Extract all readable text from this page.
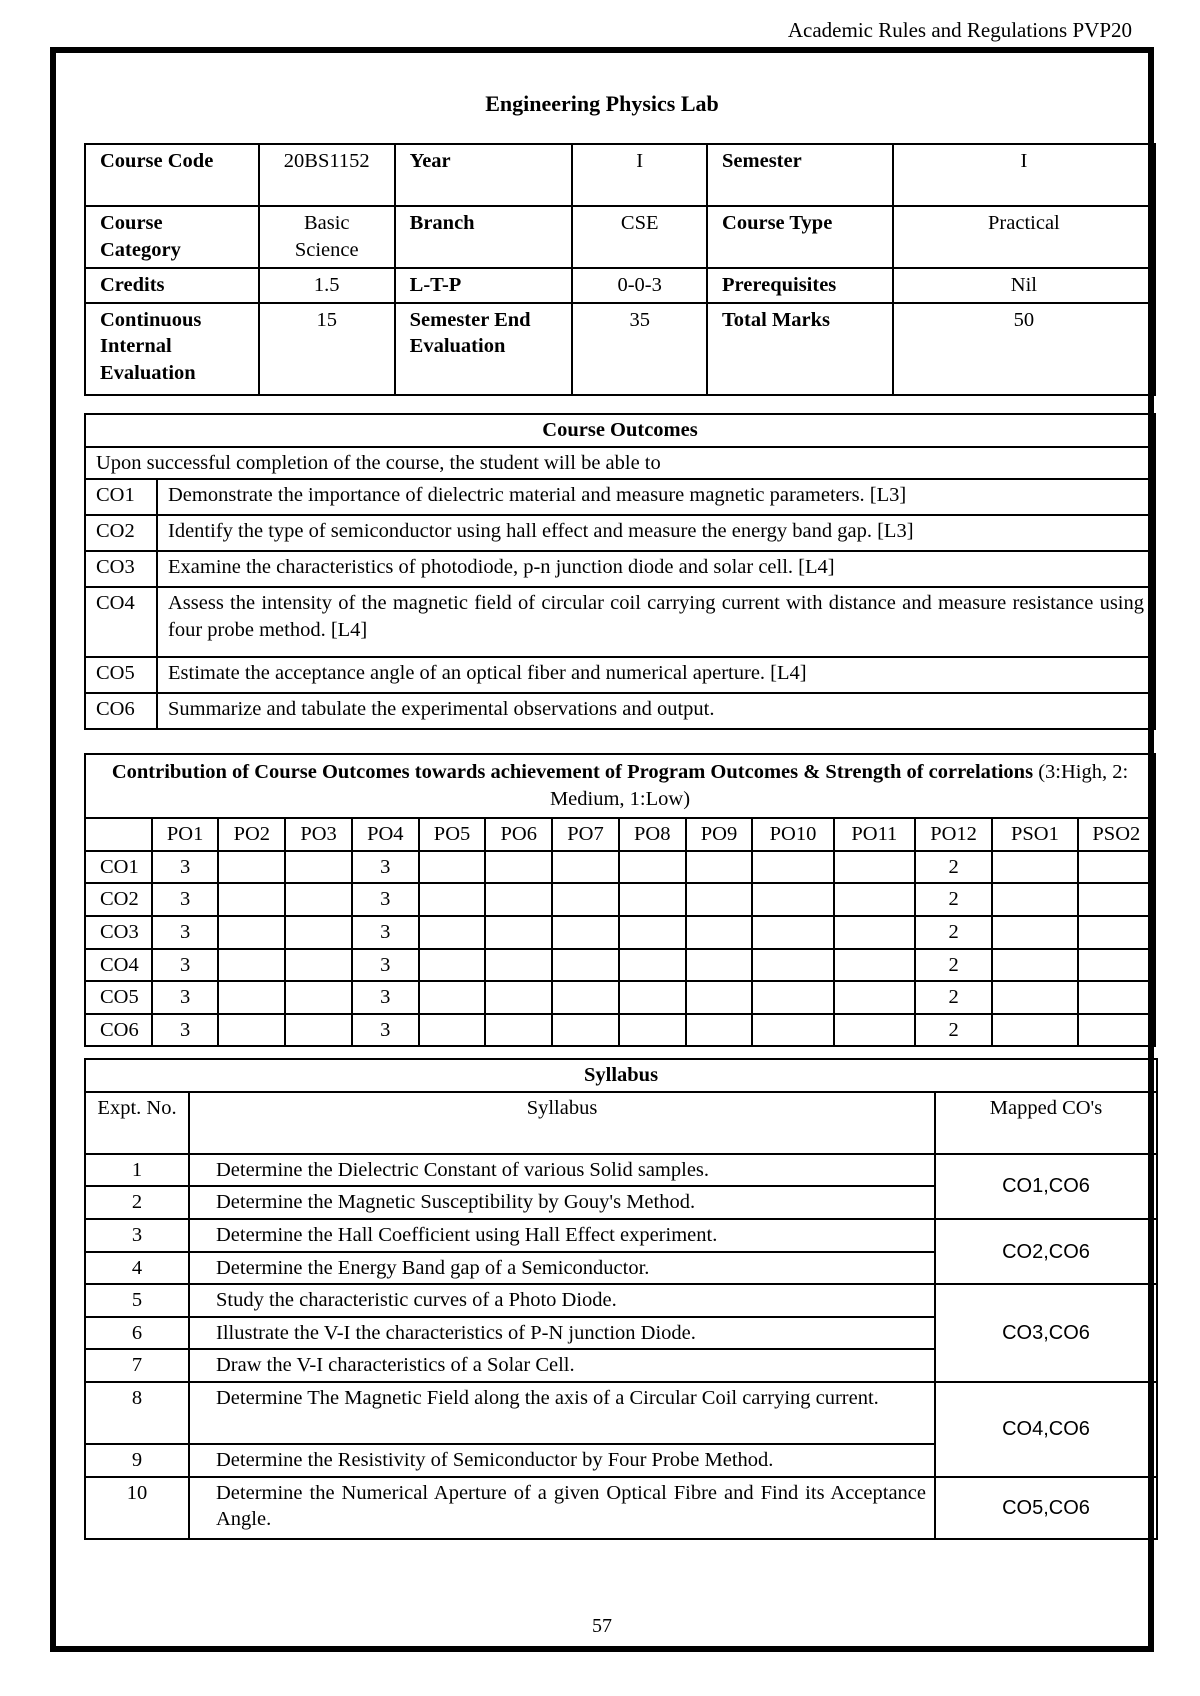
Academic Rules and Regulations PVP20
Engineering Physics Lab
Course Code	20BS1152	Year	I	Semester	I
Course Category	Basic Science	Branch	CSE	Course Type	Practical
Credits	1.5	L-T-P	0-0-3	Prerequisites	Nil
Continuous Internal Evaluation	15	Semester End Evaluation	35	Total Marks	50
Course Outcomes	
Upon successful completion of the course, the student will be able to	
CO1	Demonstrate the importance of dielectric material and measure magnetic parameters. [L3]
CO2	Identify the type of semiconductor using hall effect and measure the energy band gap. [L3]
CO3	Examine the characteristics of photodiode, p-n junction diode and solar cell. [L4]
CO4	Assess the intensity of the magnetic field of circular coil carrying current with distance and measure resistance using four probe method. [L4]
CO5	Estimate the acceptance angle of an optical fiber and numerical aperture. [L4]
CO6	Summarize and tabulate the experimental observations and output.
Contribution of Course Outcomes towards achievement of Program Outcomes & Strength of correlations (3:High, 2: Medium, 1:Low)														
	PO1	PO2	PO3	PO4	PO5	PO6	PO7	PO8	PO9	PO10	PO11	PO12	PSO1	PSO2
CO1	3			3								2		
CO2	3			3								2		
CO3	3			3								2		
CO4	3			3								2		
CO5	3			3								2		
CO6	3			3								2		
Syllabus		
Expt. No.	Syllabus	Mapped CO's
1	Determine the Dielectric Constant of various Solid samples.	CO1,CO6
2	Determine the Magnetic Susceptibility by Gouy's Method.	
3	Determine the Hall Coefficient using Hall Effect experiment.	CO2,CO6
4	Determine the Energy Band gap of a Semiconductor.	
5	Study the characteristic curves of a Photo Diode.	CO3,CO6
6	Illustrate the V-I the characteristics of P-N junction Diode.	
7	Draw the V-I characteristics of a Solar Cell.	
8	Determine The Magnetic Field along the axis of a Circular Coil carrying current.	CO4,CO6
9	Determine the Resistivity of Semiconductor by Four Probe Method.	
10	Determine the Numerical Aperture of a given Optical Fibre and Find its Acceptance Angle.	CO5,CO6
57
